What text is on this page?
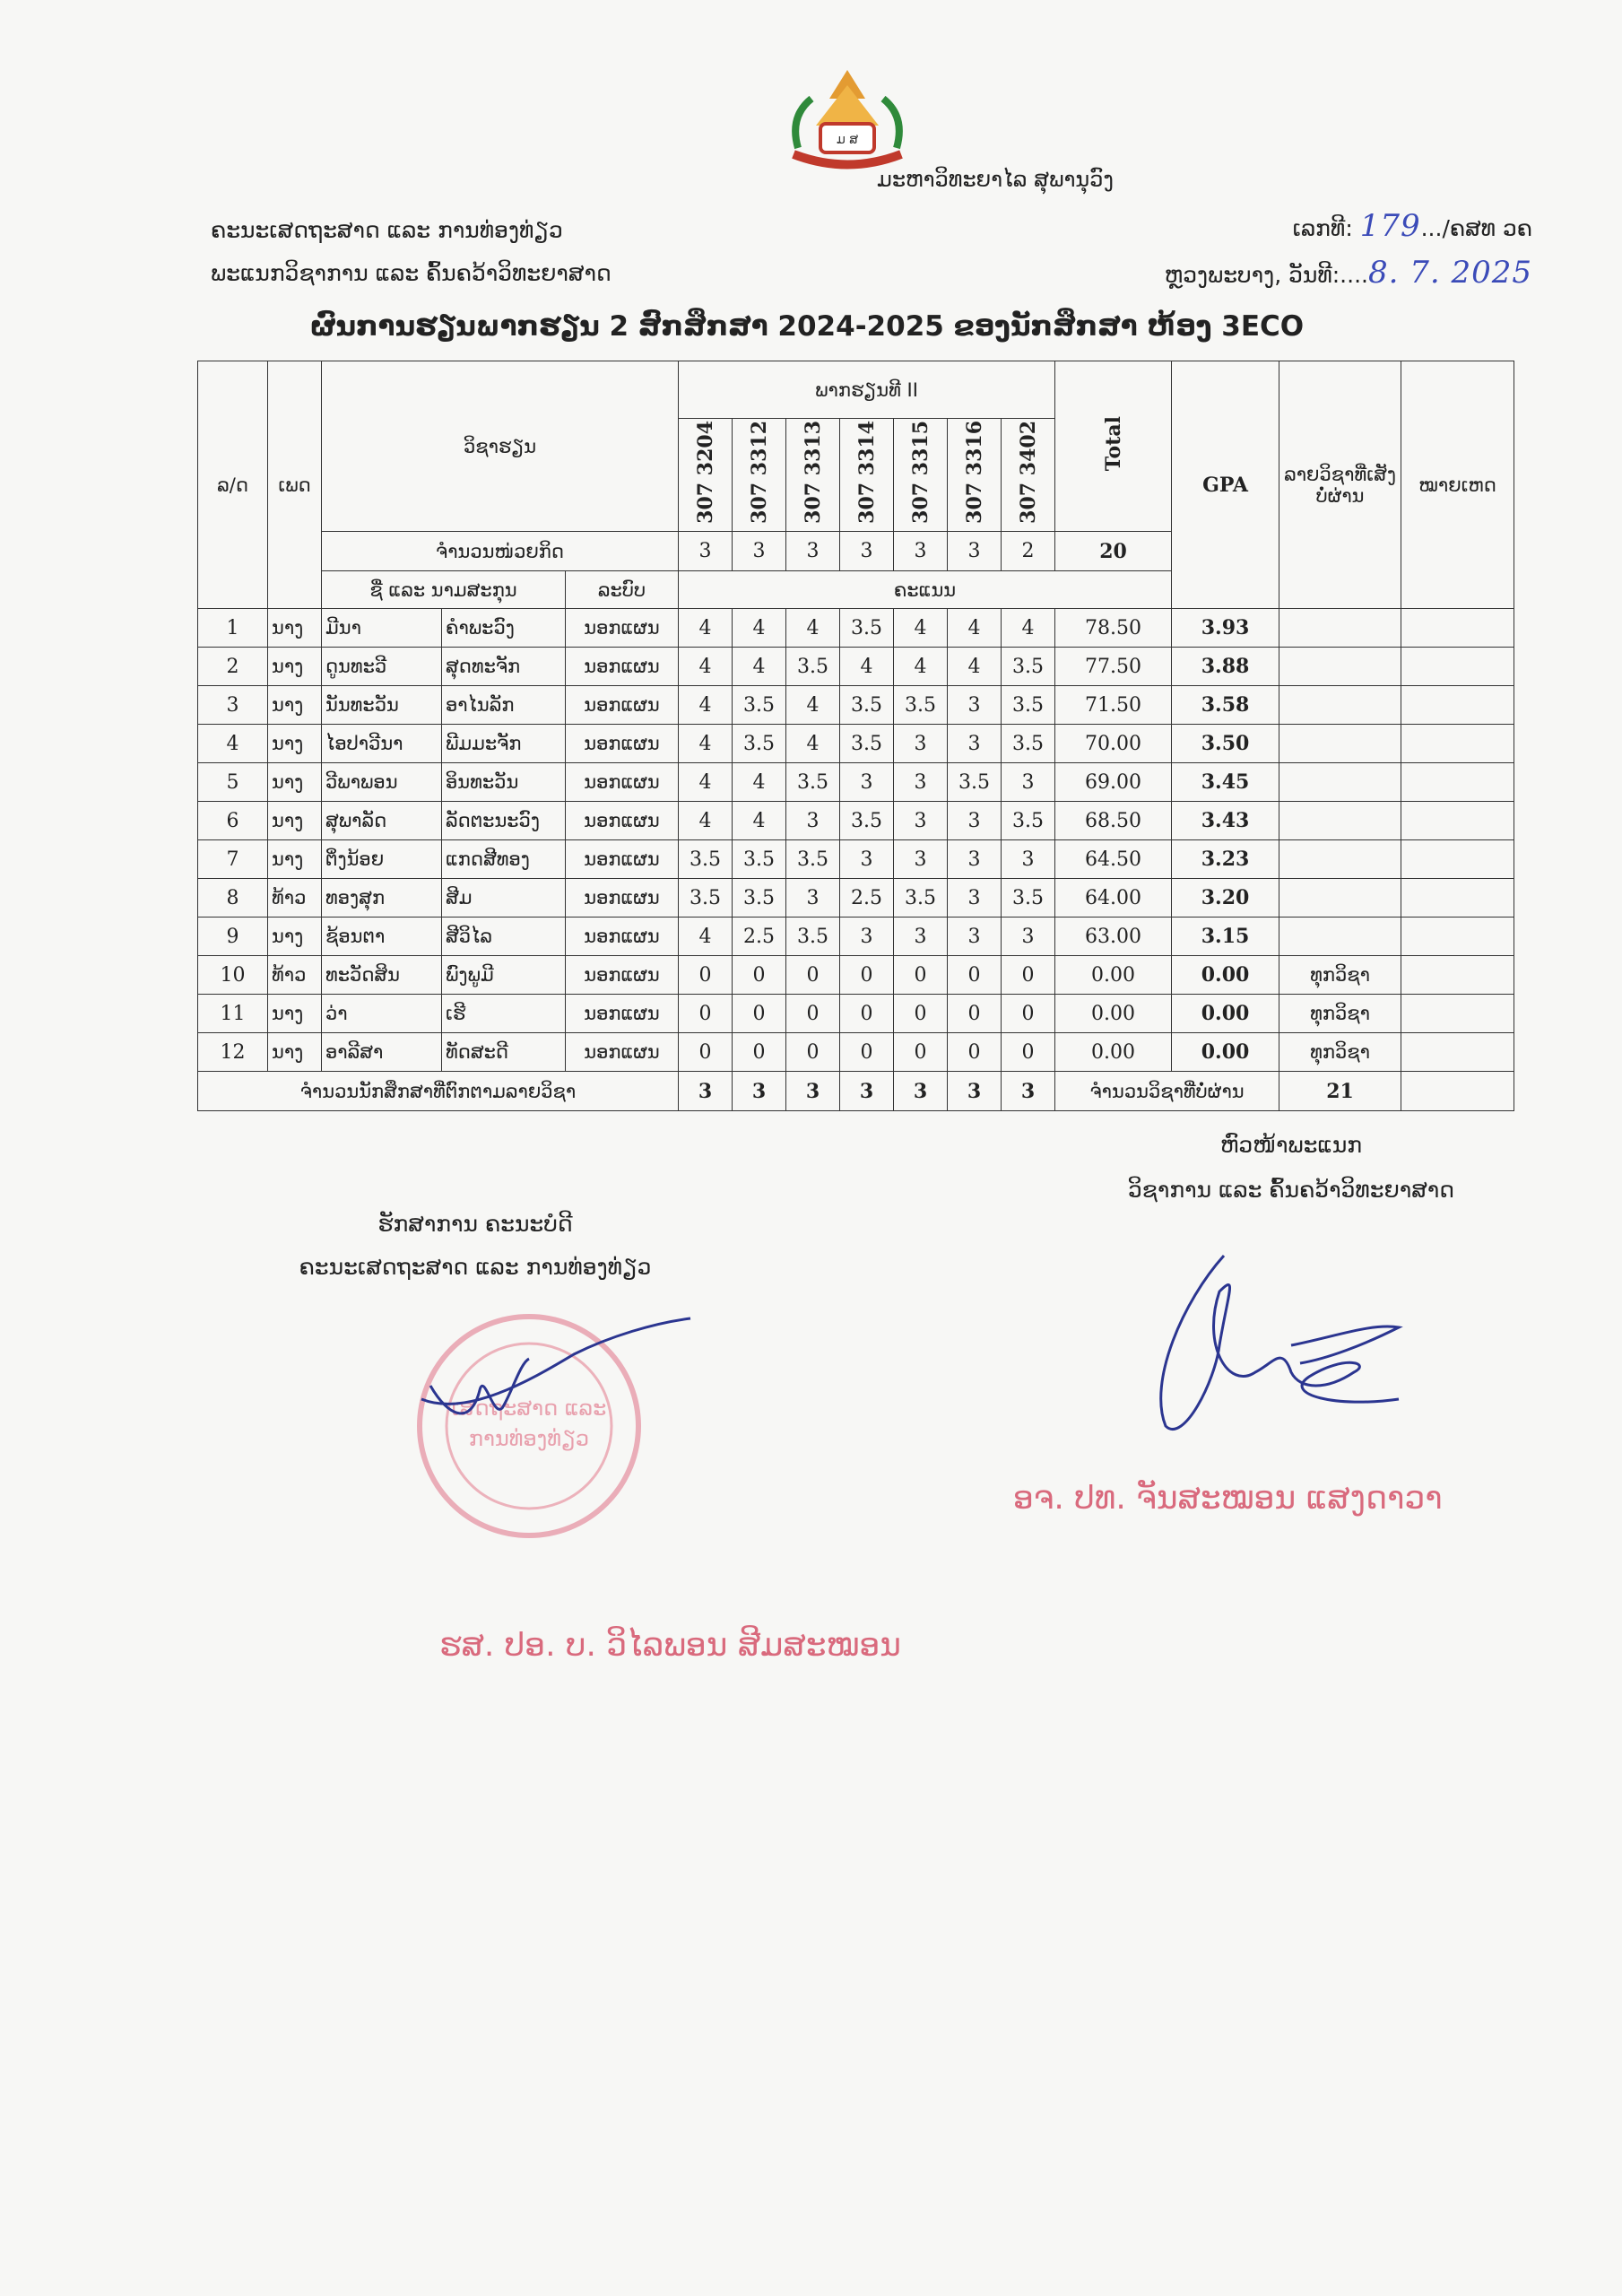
ມ ສ
ມະຫາວິທະຍາໄລ ສຸພານຸວົງ
ຄະນະເສດຖະສາດ ແລະ ການທ່ອງທ່ຽວ
ພະແນກວິຊາການ ແລະ ຄົ້ນຄວ້າວິທະຍາສາດ
ເລກທີ: 179.../ຄສທ ວຄ
ຫຼວງພະບາງ, ວັນທີ:....8. 7. 2025
ຜົນການຮຽນພາກຮຽນ 2 ສົກສຶກສາ 2024-2025 ຂອງນັກສຶກສາ ຫ້ອງ 3ECO
ລ/ດ	ເພດ	ວິຊາຮຽນ			ພາກຮຽນທີ II							Total	GPA	ລາຍວິຊາທີ່ເສັງບໍ່ຜ່ານ	ໝາຍເຫດ
					307 3204	307 3312	307 3313	307 3314	307 3315	307 3316	307 3402				
		ຈຳນວນໜ່ວຍກິດ			3	3	3	3	3	3	2	20			
		ຊື່ ແລະ ນາມສະກຸນ		ລະບົບ	ຄະແນນ										
1	ນາງ	ມີນາ	ຄຳພະວົງ	ນອກແຜນ	4	4	4	3.5	4	4	4	78.50	3.93		
2	ນາງ	ດູນທະວີ	ສຸດທະຈັກ	ນອກແຜນ	4	4	3.5	4	4	4	3.5	77.50	3.88		
3	ນາງ	ນັນທະວັນ	ອາໄນລັກ	ນອກແຜນ	4	3.5	4	3.5	3.5	3	3.5	71.50	3.58		
4	ນາງ	ໄອປາວີນາ	ພີມມະຈັກ	ນອກແຜນ	4	3.5	4	3.5	3	3	3.5	70.00	3.50		
5	ນາງ	ວີພາພອນ	ອິນທະວັນ	ນອກແຜນ	4	4	3.5	3	3	3.5	3	69.00	3.45		
6	ນາງ	ສຸພາລັດ	ລັດຕະນະວົງ	ນອກແຜນ	4	4	3	3.5	3	3	3.5	68.50	3.43		
7	ນາງ	ຕິ່ງນ້ອຍ	ແກດສີທອງ	ນອກແຜນ	3.5	3.5	3.5	3	3	3	3	64.50	3.23		
8	ທ້າວ	ທອງສຸກ	ສີມ	ນອກແຜນ	3.5	3.5	3	2.5	3.5	3	3.5	64.00	3.20		
9	ນາງ	ຊ້ອນຕາ	ສີວິໄລ	ນອກແຜນ	4	2.5	3.5	3	3	3	3	63.00	3.15		
10	ທ້າວ	ທະວັດສິນ	ພົງພູມີ	ນອກແຜນ	0	0	0	0	0	0	0	0.00	0.00	ທຸກວິຊາ	
11	ນາງ	ວ່າ	ເຮີ	ນອກແຜນ	0	0	0	0	0	0	0	0.00	0.00	ທຸກວິຊາ	
12	ນາງ	ອາລີສາ	ທັດສະດີ	ນອກແຜນ	0	0	0	0	0	0	0	0.00	0.00	ທຸກວິຊາ	
ຈຳນວນນັກສຶກສາທີ່ຕົກຕາມລາຍວິຊາ					3	3	3	3	3	3	3	ຈຳນວນວິຊາທີ່ບໍ່ຜ່ານ		21	
ຫົວໜ້າພະແນກ
ວິຊາການ ແລະ ຄົ້ນຄວ້າວິທະຍາສາດ
ອຈ. ປທ. ຈັນສະໝອນ ແສງດາວາ
ຮັກສາການ ຄະນະບໍດີ
ຄະນະເສດຖະສາດ ແລະ ການທ່ອງທ່ຽວ
ເສດຖະສາດ ແລະ
ການທ່ອງທ່ຽວ
ຮສ. ປອ. ບ. ວິໄລພອນ ສີມສະໝອນ
